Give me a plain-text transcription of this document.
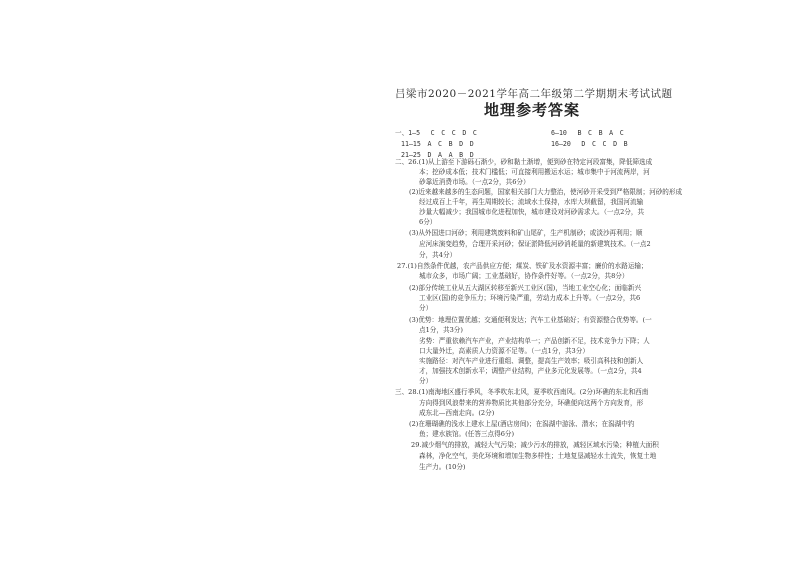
吕梁市2020－2021学年高二年级第二学期期末考试试题
地理参考答案
一、1—5　 C　C　C　D　C	6—10　 B　C　B　A　C
11—15　A　C　B　D　D	16—20　 D　C　C　D　B
21—25　D　A　A　B　D
二、26.(1)从上游至下游砾石渐少，砂和黏土渐增，便到砂在特定河段富集，降低筛选成
本；挖砂成本低；技术门槛低；可直接利用搬运水运；城市集中于河流两岸，河
砂靠近消费市场。（一点2分，共6分）
(2)近来越来越多的生态问题，国家相关部门大力整治，使河砂开采受到严格限制；河砂的形成
经过成百上千年，再生周期较长；流域水土保持，水库大坝截留，我国河流输
沙量大幅减少；我国城市化进程加快，城市建设对河砂需求大。（一点2分，共
6分）
(3)从外国进口河砂；利用建筑废料和矿山尾矿，生产机制砂；或淡沙再利用；顺
应河床演变趋势，合理开采河砂；保证淤降低河砂消耗量的新建筑技术。（一点2
分，共4分）
27.(1)自然条件优越，农产品供应方便；煤炭、铁矿及水资源丰富；廉价的水路运输；
城市众多，市场广阔；工业基础好，协作条件好等。（一点2分，共8分）
(2)部分传统工业从五大湖区转移至新兴工业区(国)，当地工业空心化；面临新兴
工业区(国)的竞争压力；环境污染严重，劳动力成本上升等。（一点2分，共6
分）
(3)优势：地理位置优越；交通便利发达；汽车工业基础好；有资源整合优势等。(一
点1分，共3分)
劣势：严重依赖汽车产业，产业结构单一；产品创新不足，技术竞争力下降；人
口大量外迁，高素质人力资源不足等。（一点1分，共3分）
实施路径：对汽车产业进行重组、调整，提高生产效率；吸引高科技和创新人
才，加强技术创新水平；调整产业结构，产业多元化发展等。（一点2分，共4
分）
三、28.(1)南海地区盛行季风，冬季吹东北风，夏季吹西南风。(2分)环礁的东北和西南
方向得到风浪带来的营养物质比其他部分充分，环礁便向这两个方向发育，形
成东北—西南走向。(2分)
(2)在珊瑚礁的浅水上建水上屋(酒店房间)；在潟湖中游泳、潜水；在潟湖中钓
鱼；建水族馆。(任答三点得6分)
29.减少烟气的排放，减轻大气污染；减少污水的排放，减轻区域水污染；种植大面积
森林，净化空气，美化环境和增加生物多样性；土地复垦减轻水土流失，恢复土地
生产力。(10分)
